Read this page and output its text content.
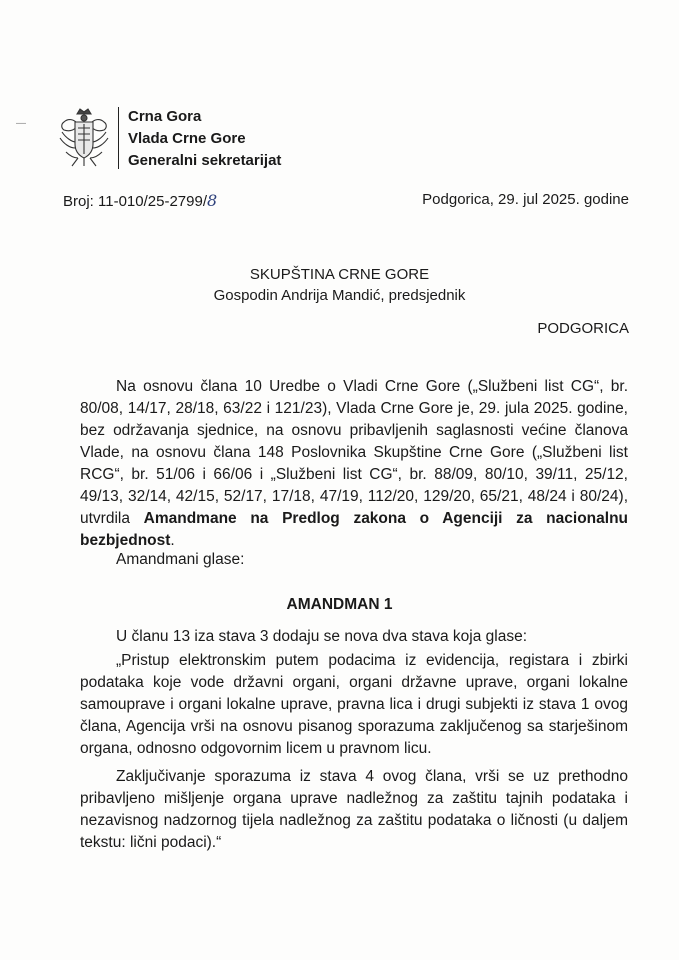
—	Crna Gora
Vlada Crne Gore
Generalni sekretarijat
Broj: 11-010/25-2799/8	Podgorica, 29. jul 2025. godine
SKUPŠTINA CRNE GORE
Gospodin Andrija Mandić, predsjednik
PODGORICA

Na osnovu člana 10 Uredbe o Vladi Crne Gore („Službeni list CG“, br. 80/08, 14/17, 28/18, 63/22 i 121/23), Vlada Crne Gore je, 29. jula 2025. godine, bez održavanja sjednice, na osnovu pribavljenih saglasnosti većine članova Vlade, na osnovu člana 148 Poslovnika Skupštine Crne Gore („Službeni list RCG“, br. 51/06 i 66/06 i „Službeni list CG“, br. 88/09, 80/10, 39/11, 25/12, 49/13, 32/14, 42/15, 52/17, 17/18, 47/19, 112/20, 129/20, 65/21, 48/24 i 80/24), utvrdila Amandmane na Predlog zakona o Agenciji za nacionalnu bezbjednost.

Amandmani glase:
AMANDMAN 1

U članu 13 iza stava 3 dodaju se nova dva stava koja glase:

„Pristup elektronskim putem podacima iz evidencija, registara i zbirki podataka koje vode državni organi, organi državne uprave, organi lokalne samouprave i organi lokalne uprave, pravna lica i drugi subjekti iz stava 1 ovog člana, Agencija vrši na osnovu pisanog sporazuma zaključenog sa starješinom organa, odnosno odgovornim licem u pravnom licu.

Zaključivanje sporazuma iz stava 4 ovog člana, vrši se uz prethodno pribavljeno mišljenje organa uprave nadležnog za zaštitu tajnih podataka i nezavisnog nadzornog tijela nadležnog za zaštitu podataka o ličnosti (u daljem tekstu: lični podaci).“
